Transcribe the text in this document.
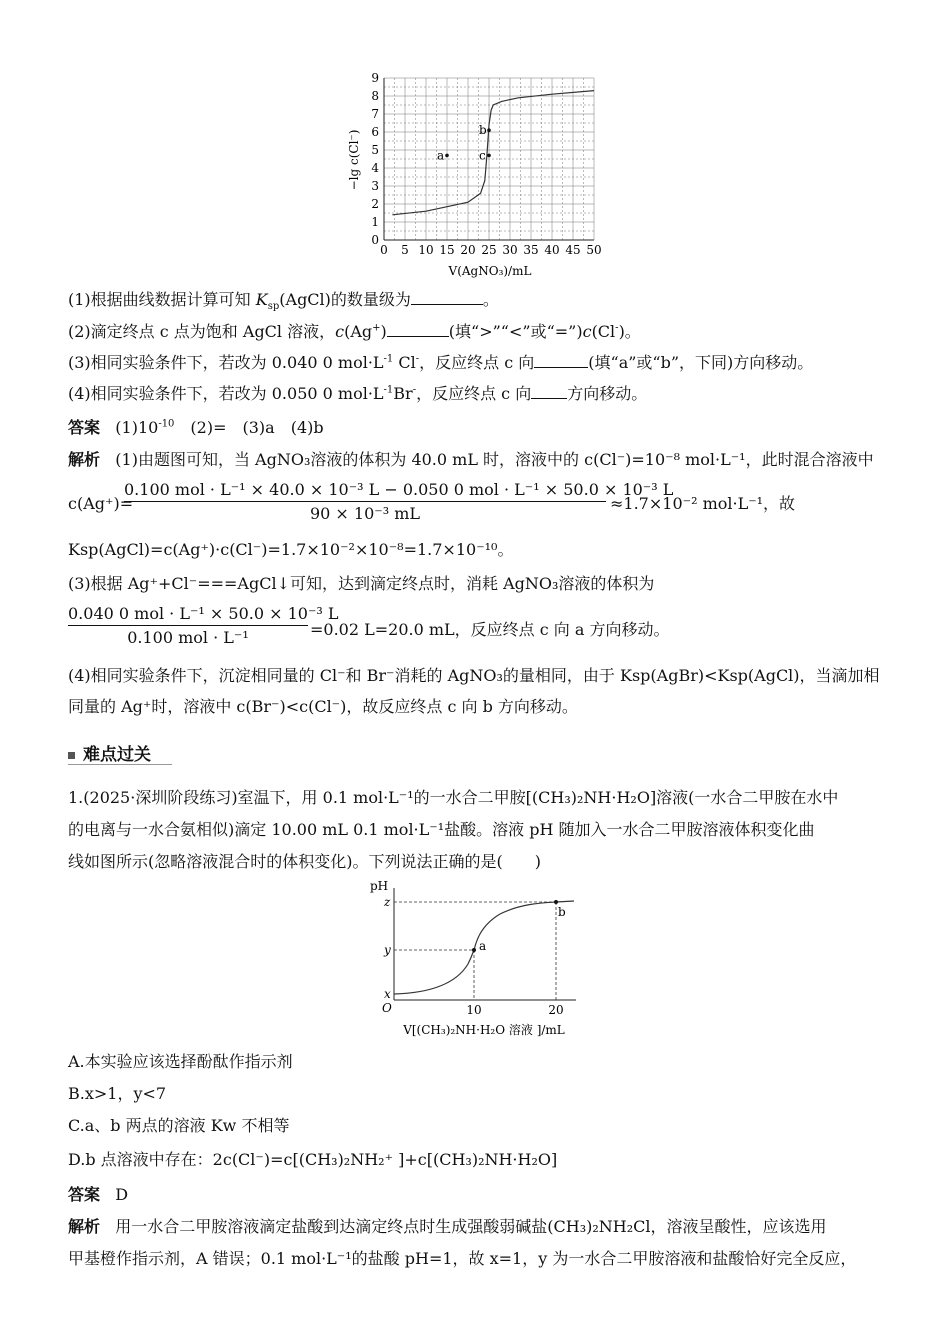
a
b
c
0 5 10 15 20 25 30 35 40 45 50
0
1
2
3
4
5
6
7
8
9
−lg c(Cl⁻)
V(AgNO₃)/mL
(1)根据曲线数据计算可知 $K_{sp}(AgCl)$的数量级为	。
(2)滴定终点 c 点为饱和 AgCl 溶液，c(Ag+)	(填“>”“<”或“=”)c(Cl-)。
(3)相同实验条件下，若改为 0.040 0 $mol\cdot L^{-1}$ Cl-，反应终点 c 向	(填“a”或“b”，下同)方向移动。
(4)相同实验条件下，若改为 0.050 0 $mol\cdot L^{-1}Br^-$，反应终点 c 向 方向移动。
答案 $(1)10^{-10}$　(2)=　(3)a　(4)b
解析 (1)由题图可知，当 AgNO₃溶液的体积为 40.0 mL 时，溶液中的 c(Cl⁻)=10⁻⁸ mol·L⁻¹，此时混合溶液中
c(Ag⁺)=
0.100 mol · L⁻¹ × 40.0 × 10⁻³ L − 0.050 0 mol · L⁻¹ × 50.0 × 10⁻³ L
90 × 10⁻³ mL
≈1.7×10⁻² mol·L⁻¹，故
Ksp(AgCl)=c(Ag⁺)·c(Cl⁻)=1.7×10⁻²×10⁻⁸=1.7×10⁻¹⁰。
(3)根据 Ag⁺+Cl⁻===AgCl↓可知，达到滴定终点时，消耗 AgNO₃溶液的体积为
0.040 0 mol · L⁻¹ × 50.0 × 10⁻³ L
0.100 mol · L⁻¹	=0.02 L=20.0 mL，反应终点 c 向 a 方向移动。
(4)相同实验条件下，沉淀相同量的 Cl⁻和 Br⁻消耗的 AgNO₃的量相同，由于 Ksp(AgBr)<Ksp(AgCl)，当滴加相
同量的 Ag⁺时，溶液中 c(Br⁻)<c(Cl⁻)，故反应终点 c 向 b 方向移动。
难点过关
1.(2025·深圳阶段练习)室温下，用 0.1 mol·L⁻¹的一水合二甲胺[(CH₃)₂NH·H₂O]溶液(一水合二甲胺在水中
的电离与一水合氨相似)滴定 10.00 mL 0.1 mol·L⁻¹盐酸。溶液 pH 随加入一水合二甲胺溶液体积变化曲
线如图所示(忽略溶液混合时的体积变化)。下列说法正确的是(　　)
pH
z
y
x
O	10	20
a
b
V[(CH₃)₂NH·H₂O 溶液 ]/mL
A.本实验应该选择酚酞作指示剂
B.x>1，y<7
C.a、b 两点的溶液 Kw 不相等
D.b 点溶液中存在：2c(Cl⁻)=c[(CH₃)₂NH₂⁺ ]+c[(CH₃)₂NH·H₂O]
答案 D
解析 用一水合二甲胺溶液滴定盐酸到达滴定终点时生成强酸弱碱盐(CH₃)₂NH₂Cl，溶液呈酸性，应该选用
甲基橙作指示剂，A 错误；0.1 mol·L⁻¹的盐酸 pH=1，故 x=1，y 为一水合二甲胺溶液和盐酸恰好完全反应，
